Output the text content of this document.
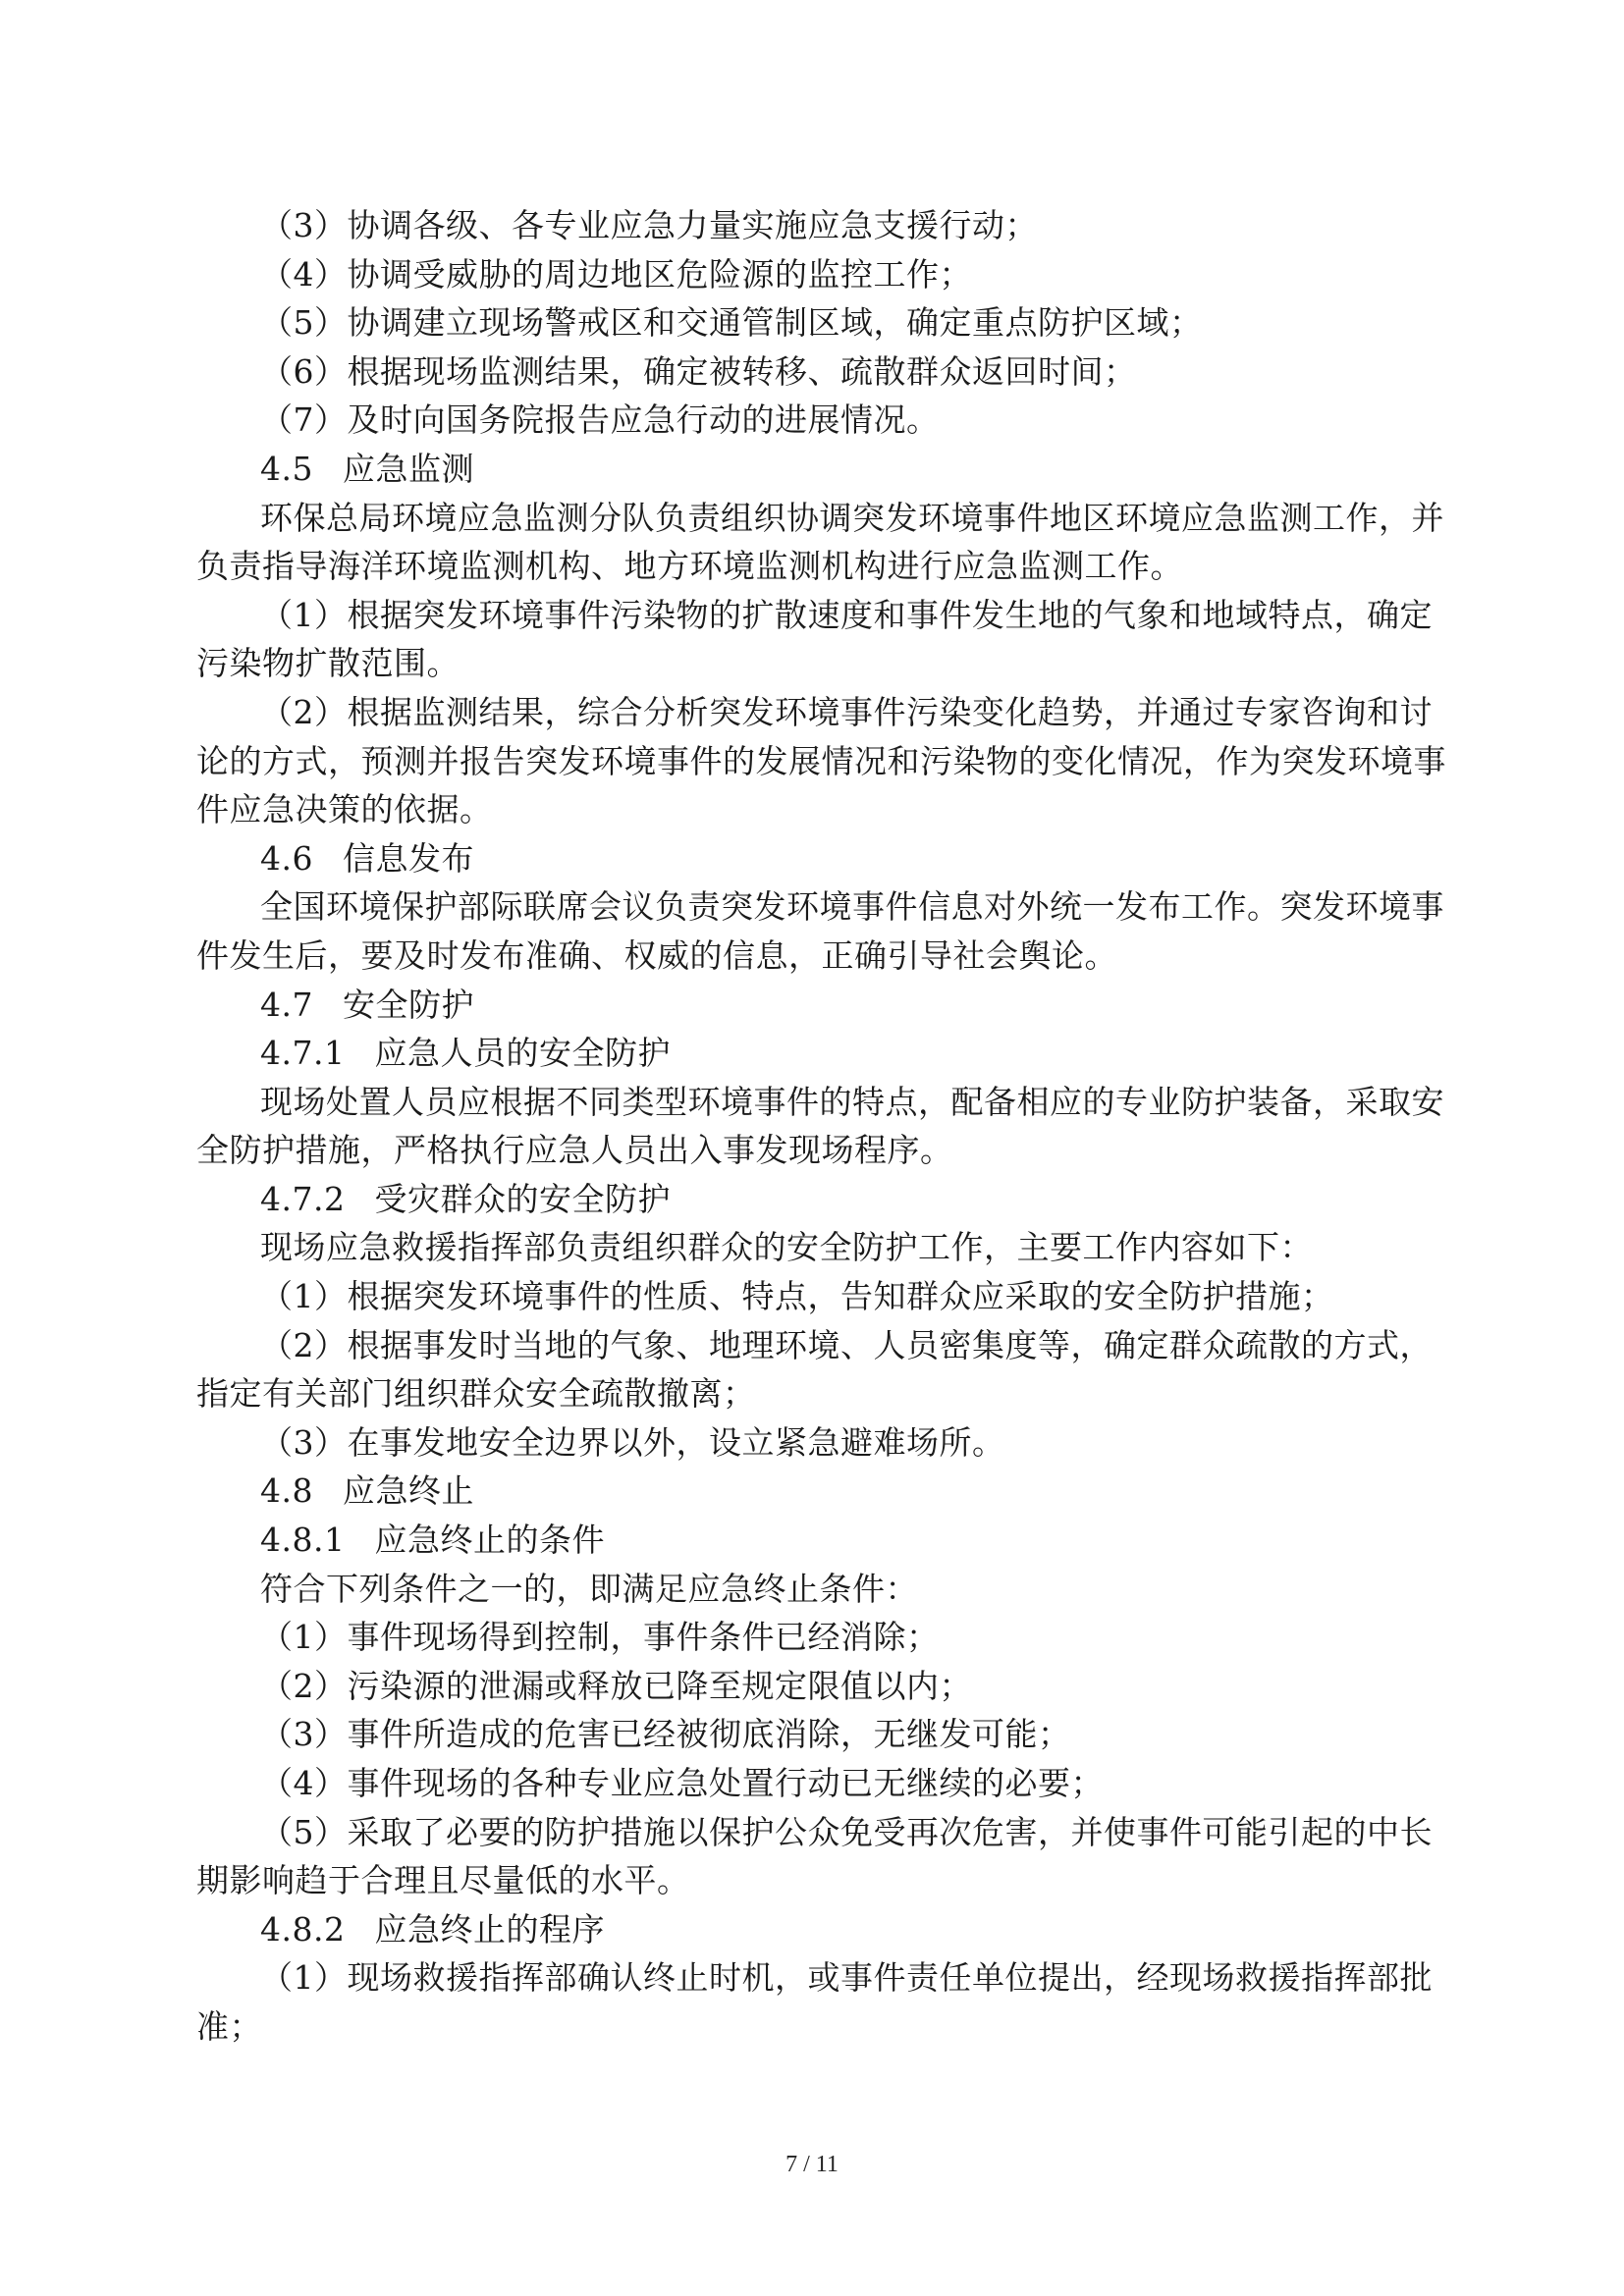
（3）协调各级、各专业应急力量实施应急支援行动；
（4）协调受威胁的周边地区危险源的监控工作；
（5）协调建立现场警戒区和交通管制区域，确定重点防护区域；
（6）根据现场监测结果，确定被转移、疏散群众返回时间；
（7）及时向国务院报告应急行动的进展情况。
4.5 应急监测
环保总局环境应急监测分队负责组织协调突发环境事件地区环境应急监测工作，并
负责指导海洋环境监测机构、地方环境监测机构进行应急监测工作。
（1）根据突发环境事件污染物的扩散速度和事件发生地的气象和地域特点，确定
污染物扩散范围。
（2）根据监测结果，综合分析突发环境事件污染变化趋势，并通过专家咨询和讨
论的方式，预测并报告突发环境事件的发展情况和污染物的变化情况，作为突发环境事
件应急决策的依据。
4.6 信息发布
全国环境保护部际联席会议负责突发环境事件信息对外统一发布工作。突发环境事
件发生后，要及时发布准确、权威的信息，正确引导社会舆论。
4.7 安全防护
4.7.1 应急人员的安全防护
现场处置人员应根据不同类型环境事件的特点，配备相应的专业防护装备，采取安
全防护措施，严格执行应急人员出入事发现场程序。
4.7.2 受灾群众的安全防护
现场应急救援指挥部负责组织群众的安全防护工作，主要工作内容如下：
（1）根据突发环境事件的性质、特点，告知群众应采取的安全防护措施；
（2）根据事发时当地的气象、地理环境、人员密集度等，确定群众疏散的方式，
指定有关部门组织群众安全疏散撤离；
（3）在事发地安全边界以外，设立紧急避难场所。
4.8 应急终止
4.8.1 应急终止的条件
符合下列条件之一的，即满足应急终止条件：
（1）事件现场得到控制，事件条件已经消除；
（2）污染源的泄漏或释放已降至规定限值以内；
（3）事件所造成的危害已经被彻底消除，无继发可能；
（4）事件现场的各种专业应急处置行动已无继续的必要；
（5）采取了必要的防护措施以保护公众免受再次危害，并使事件可能引起的中长
期影响趋于合理且尽量低的水平。
4.8.2 应急终止的程序
（1）现场救援指挥部确认终止时机，或事件责任单位提出，经现场救援指挥部批
准；
7 / 11
